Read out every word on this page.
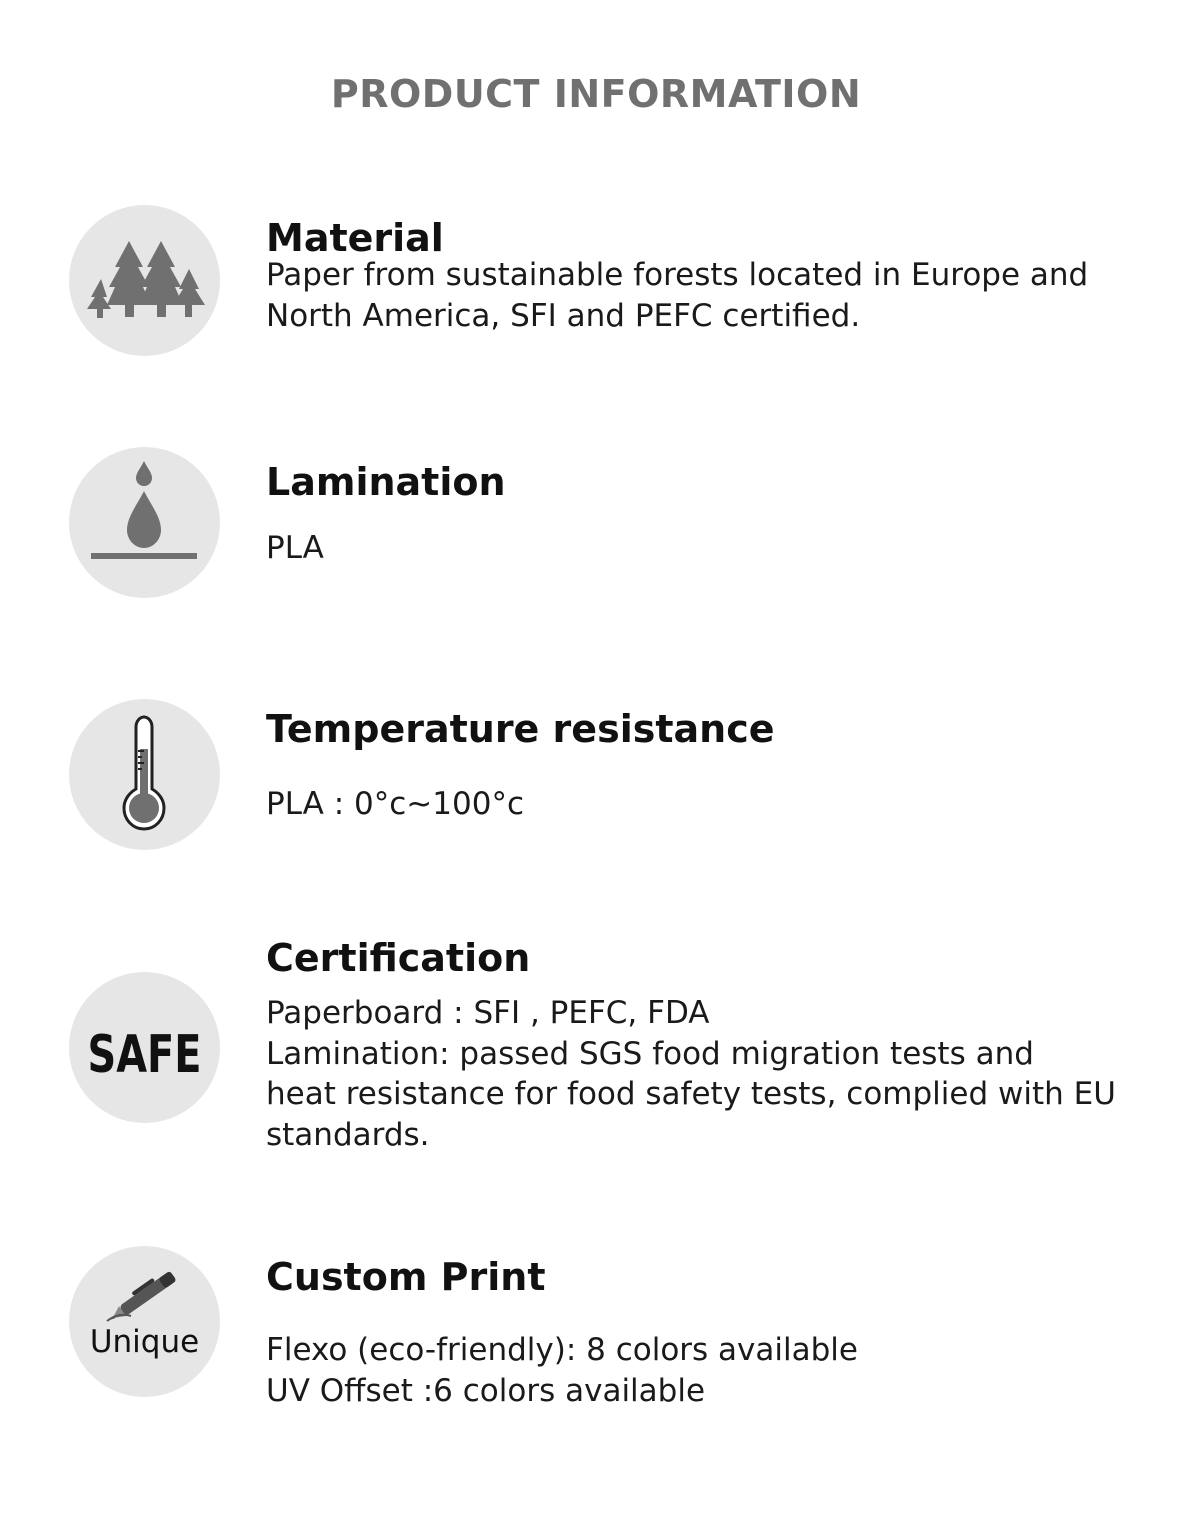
PRODUCT INFORMATION
Material
Paper from sustainable forests located in Europe and
North America, SFI and PEFC certified.
Lamination
PLA
Temperature resistance
PLA : 0°c~100°c
SAFE
Certification
Paperboard : SFI , PEFC, FDA
Lamination: passed SGS food migration tests and
heat resistance for food safety tests, complied with EU
standards.
Unique
Custom Print
Flexo (eco-friendly): 8 colors available
UV Offset :6 colors available
